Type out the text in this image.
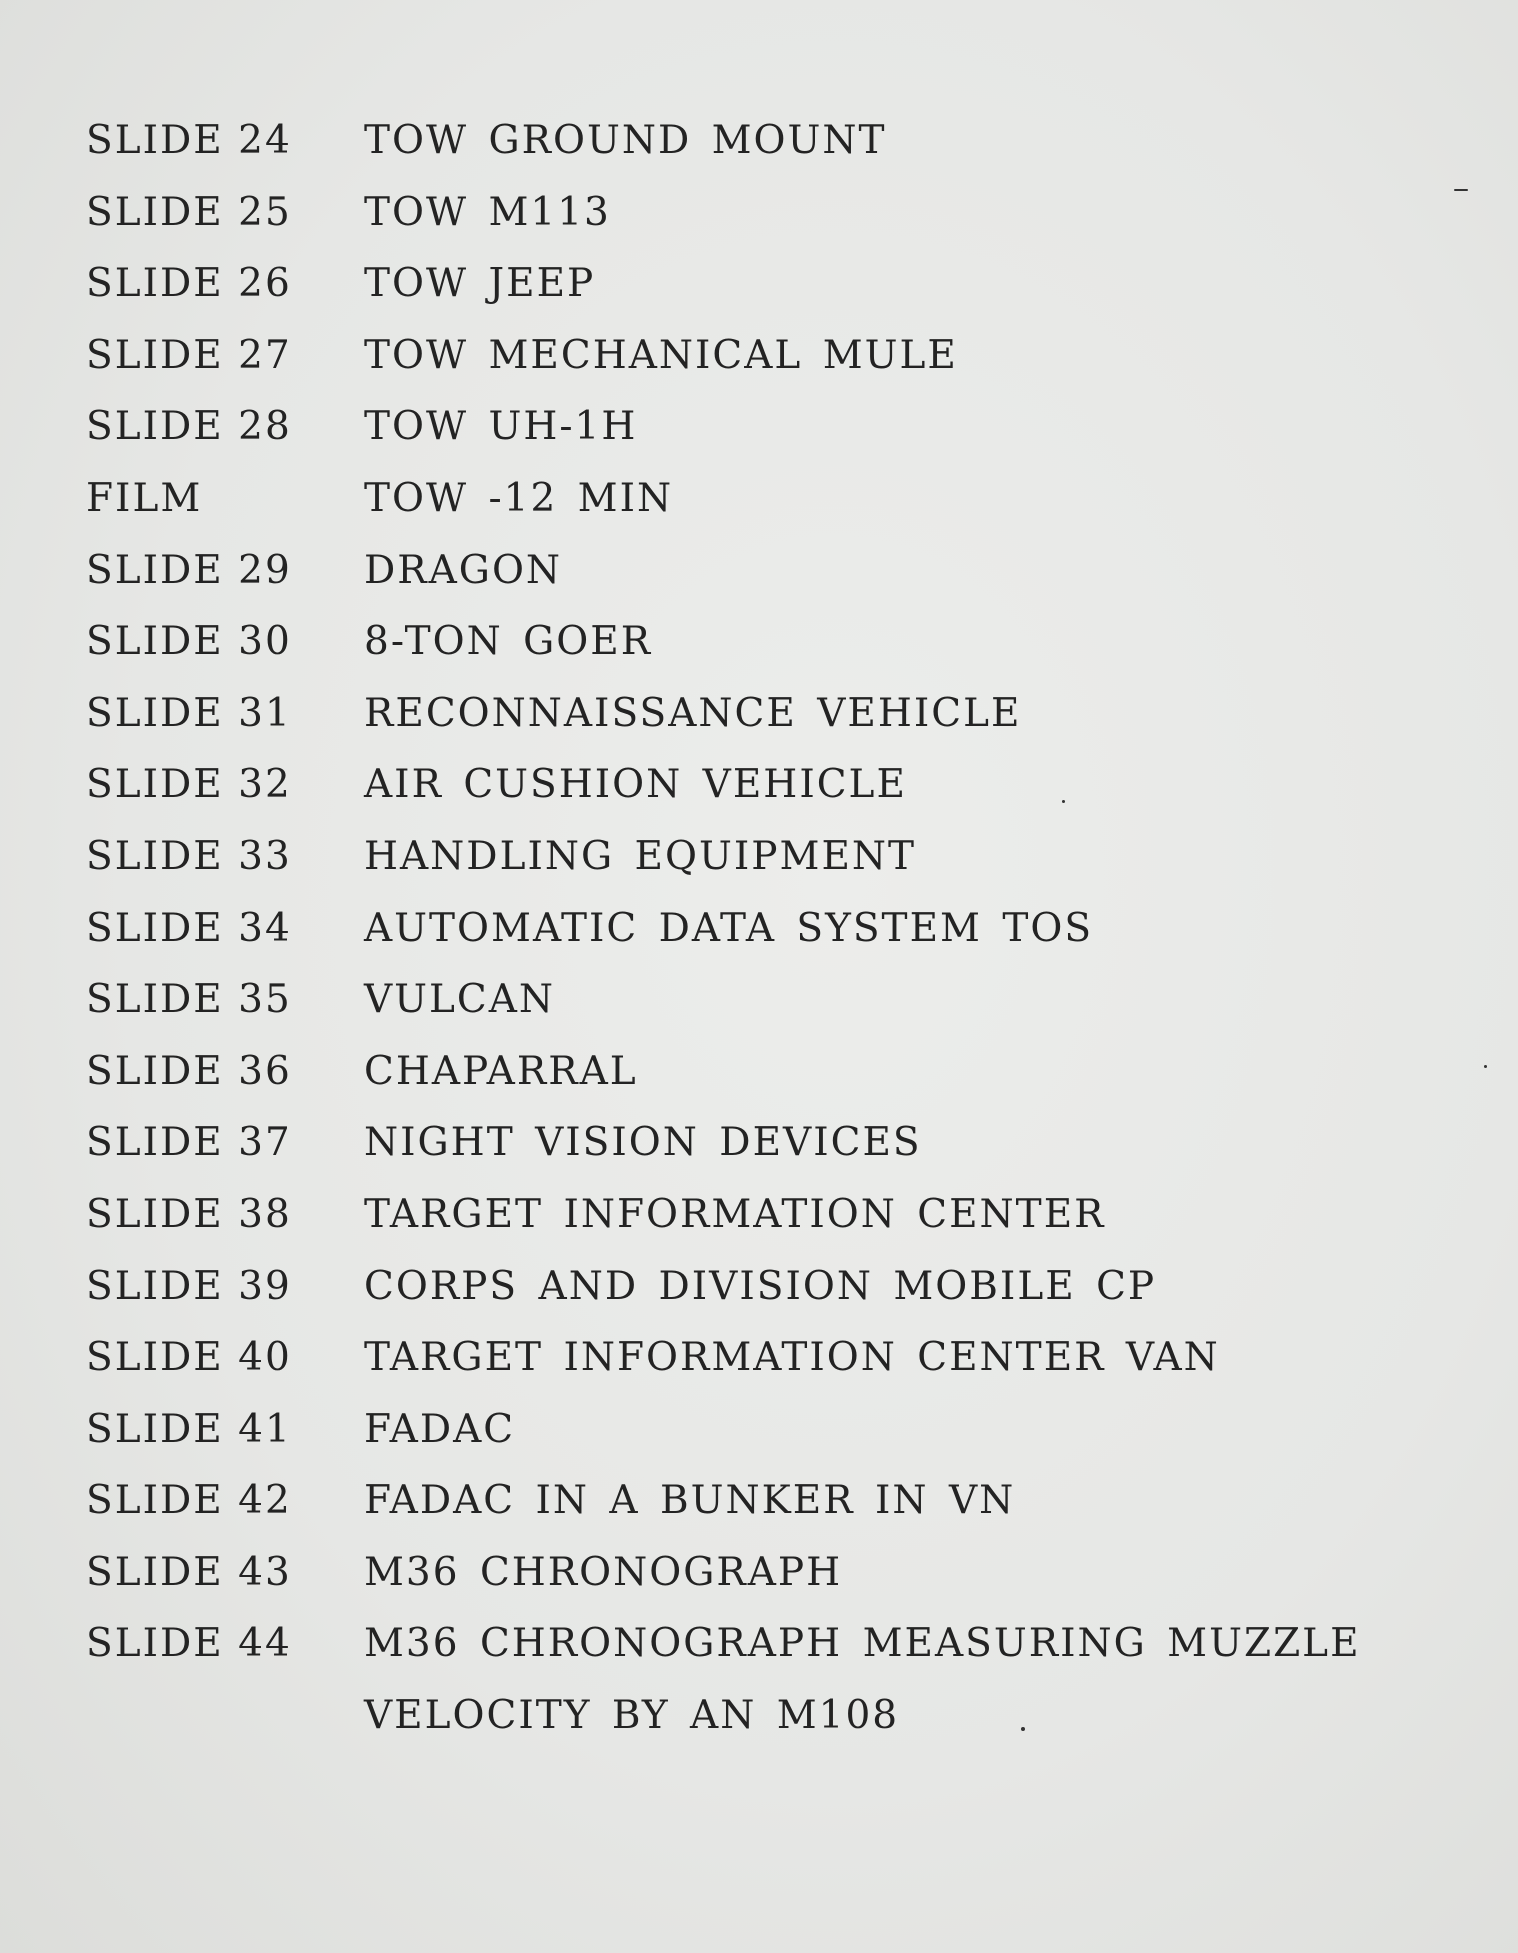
SLIDE 24	TOW GROUND MOUNT
SLIDE 25	TOW M113
SLIDE 26	TOW JEEP
SLIDE 27	TOW MECHANICAL MULE
SLIDE 28	TOW UH-1H
FILM	TOW -12 MIN
SLIDE 29	DRAGON
SLIDE 30	8-TON GOER
SLIDE 31	RECONNAISSANCE VEHICLE
SLIDE 32	AIR CUSHION VEHICLE
SLIDE 33	HANDLING EQUIPMENT
SLIDE 34	AUTOMATIC DATA SYSTEM TOS
SLIDE 35	VULCAN
SLIDE 36	CHAPARRAL
SLIDE 37	NIGHT VISION DEVICES
SLIDE 38	TARGET INFORMATION CENTER
SLIDE 39	CORPS AND DIVISION MOBILE CP
SLIDE 40	TARGET INFORMATION CENTER VAN
SLIDE 41	FADAC
SLIDE 42	FADAC IN A BUNKER IN VN
SLIDE 43	M36 CHRONOGRAPH
SLIDE 44	M36 CHRONOGRAPH MEASURING MUZZLE
VELOCITY BY AN M108
